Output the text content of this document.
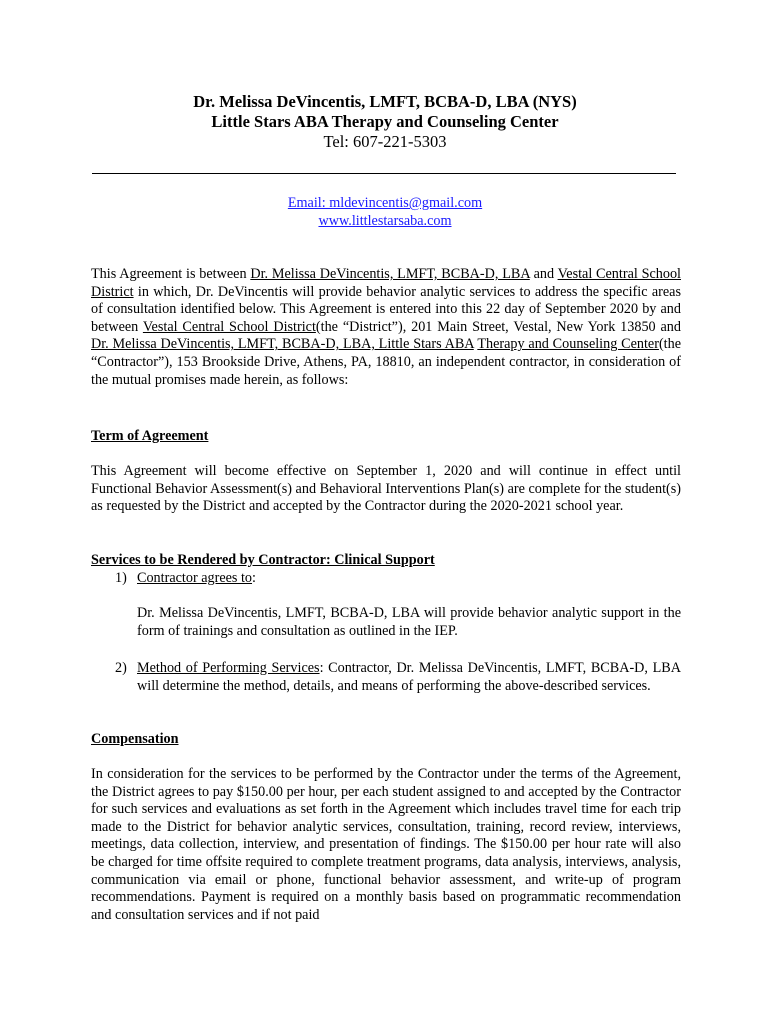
Dr. Melissa DeVincentis, LMFT, BCBA-D, LBA (NYS)
Little Stars ABA Therapy and Counseling Center
Tel: 607-221-5303
Email: mldevincentis@gmail.com
www.littlestarsaba.com
This Agreement is between Dr. Melissa DeVincentis, LMFT, BCBA-D, LBA and Vestal Central School District in which, Dr. DeVincentis will provide behavior analytic services to address the specific areas of consultation identified below. This Agreement is entered into this 22 day of September 2020 by and between Vestal Central School District(the “District”), 201 Main Street, Vestal, New York 13850 and Dr. Melissa DeVincentis, LMFT, BCBA-D, LBA, Little Stars ABA Therapy and Counseling Center(the “Contractor”), 153 Brookside Drive, Athens, PA, 18810, an independent contractor, in consideration of the mutual promises made herein, as follows:
Term of Agreement
This Agreement will become effective on September 1, 2020 and will continue in effect until Functional Behavior Assessment(s) and Behavioral Interventions Plan(s) are complete for the student(s) as requested by the District and accepted by the Contractor during the 2020-2021 school year.
Services to be Rendered by Contractor: Clinical Support
1) Contractor agrees to:
Dr. Melissa DeVincentis, LMFT, BCBA-D, LBA will provide behavior analytic support in the form of trainings and consultation as outlined in the IEP.
2) Method of Performing Services: Contractor, Dr. Melissa DeVincentis, LMFT, BCBA-D, LBA will determine the method, details, and means of performing the above-described services.
Compensation
In consideration for the services to be performed by the Contractor under the terms of the Agreement, the District agrees to pay $150.00 per hour, per each student assigned to and accepted by the Contractor for such services and evaluations as set forth in the Agreement which includes travel time for each trip made to the District for behavior analytic services, consultation, training, record review, interviews, meetings, data collection, interview, and presentation of findings. The $150.00 per hour rate will also be charged for time offsite required to complete treatment programs, data analysis, interviews, analysis, communication via email or phone, functional behavior assessment, and write-up of program recommendations. Payment is required on a monthly basis based on programmatic recommendation and consultation services and if not paid
